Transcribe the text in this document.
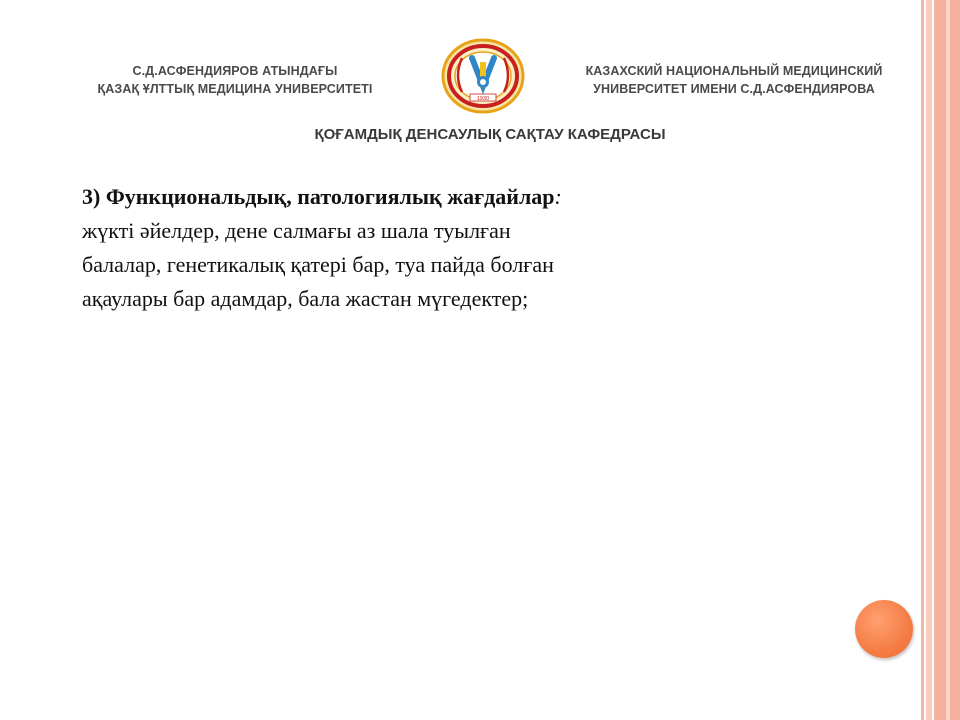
С.Д.АСФЕНДИЯРОВ АТЫНДАҒЫ
ҚАЗАҚ ҰЛТТЫҚ МЕДИЦИНА УНИВЕРСИТЕТІ
1930
КАЗАХСКИЙ НАЦИОНАЛЬНЫЙ МЕДИЦИНСКИЙ
УНИВЕРСИТЕТ ИМЕНИ С.Д.АСФЕНДИЯРОВА
ҚОҒАМДЫҚ ДЕНСАУЛЫҚ САҚТАУ КАФЕДРАСЫ
3) Функциональдық, патологиялық жағдайлар:
жүкті әйелдер, дене салмағы аз шала туылған
балалар, генетикалық қатері бар, туа пайда болған
ақаулары бар адамдар, бала жастан мүгедектер;
